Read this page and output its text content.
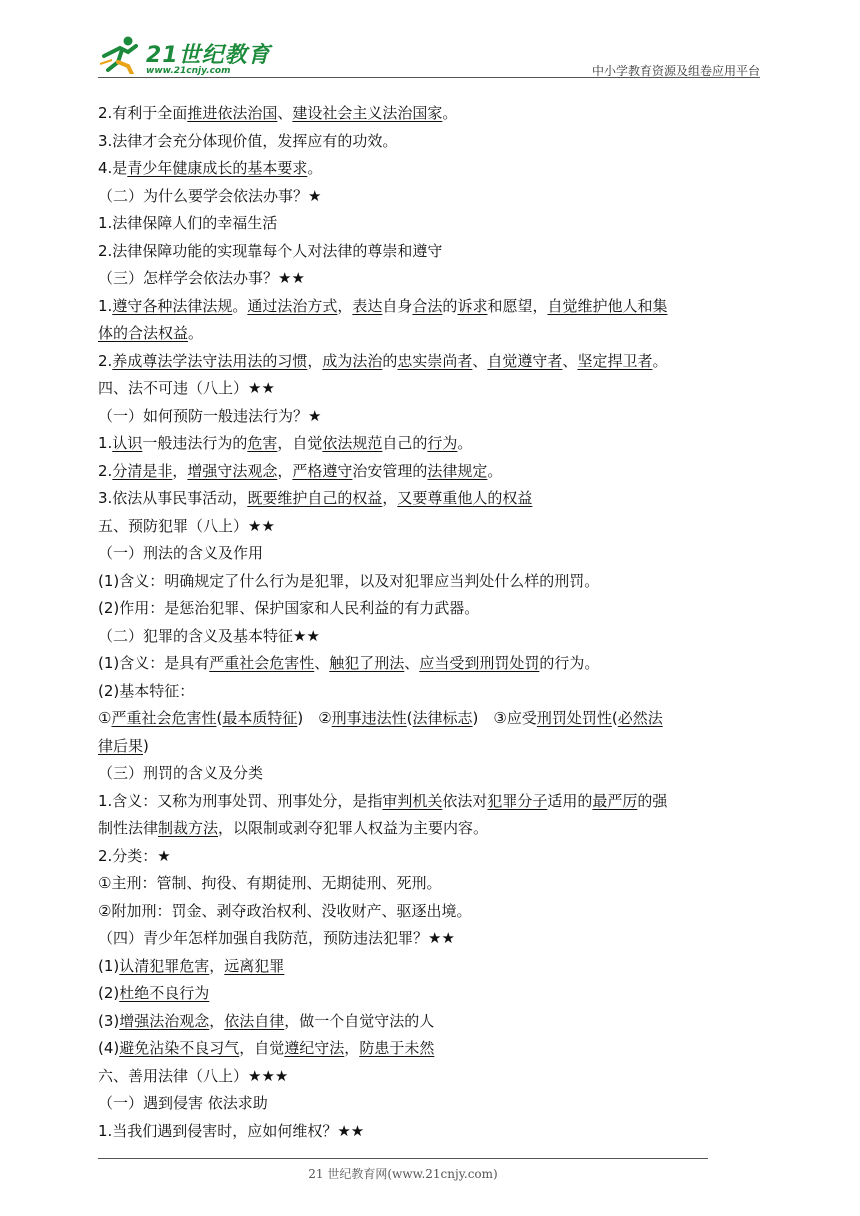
21世纪教育
www.21cnjy.com	中小学教育资源及组卷应用平台
2.有利于全面推进依法治国、建设社会主义法治国家。
3.法律才会充分体现价值，发挥应有的功效。
4.是青少年健康成长的基本要求。
（二）为什么要学会依法办事？★
1.法律保障人们的幸福生活
2.法律保障功能的实现靠每个人对法律的尊崇和遵守
（三）怎样学会依法办事？★★
1.遵守各种法律法规。通过法治方式，表达自身合法的诉求和愿望，自觉维护他人和集
体的合法权益。
2.养成尊法学法守法用法的习惯，成为法治的忠实崇尚者、自觉遵守者、坚定捍卫者。
四、法不可违（八上）★★
（一）如何预防一般违法行为？★
1.认识一般违法行为的危害，自觉依法规范自己的行为。
2.分清是非，增强守法观念，严格遵守治安管理的法律规定。
3.依法从事民事活动，既要维护自己的权益，又要尊重他人的权益
五、预防犯罪（八上）★★
（一）刑法的含义及作用
(1)含义：明确规定了什么行为是犯罪，以及对犯罪应当判处什么样的刑罚。
(2)作用：是惩治犯罪、保护国家和人民利益的有力武器。
（二）犯罪的含义及基本特征★★
(1)含义：是具有严重社会危害性、触犯了刑法、应当受到刑罚处罚的行为。
(2)基本特征：
①严重社会危害性(最本质特征)　②刑事违法性(法律标志)　③应受刑罚处罚性(必然法
律后果)
（三）刑罚的含义及分类
1.含义：又称为刑事处罚、刑事处分，是指审判机关依法对犯罪分子适用的最严厉的强
制性法律制裁方法，以限制或剥夺犯罪人权益为主要内容。
2.分类：★
①主刑：管制、拘役、有期徒刑、无期徒刑、死刑。
②附加刑：罚金、剥夺政治权利、没收财产、驱逐出境。
（四）青少年怎样加强自我防范，预防违法犯罪？★★
(1)认清犯罪危害，远离犯罪
(2)杜绝不良行为
(3)增强法治观念，依法自律，做一个自觉守法的人
(4)避免沾染不良习气，自觉遵纪守法，防患于未然
六、善用法律（八上）★★★
（一）遇到侵害 依法求助
1.当我们遇到侵害时，应如何维权？★★
21 世纪教育网(www.21cnjy.com)
